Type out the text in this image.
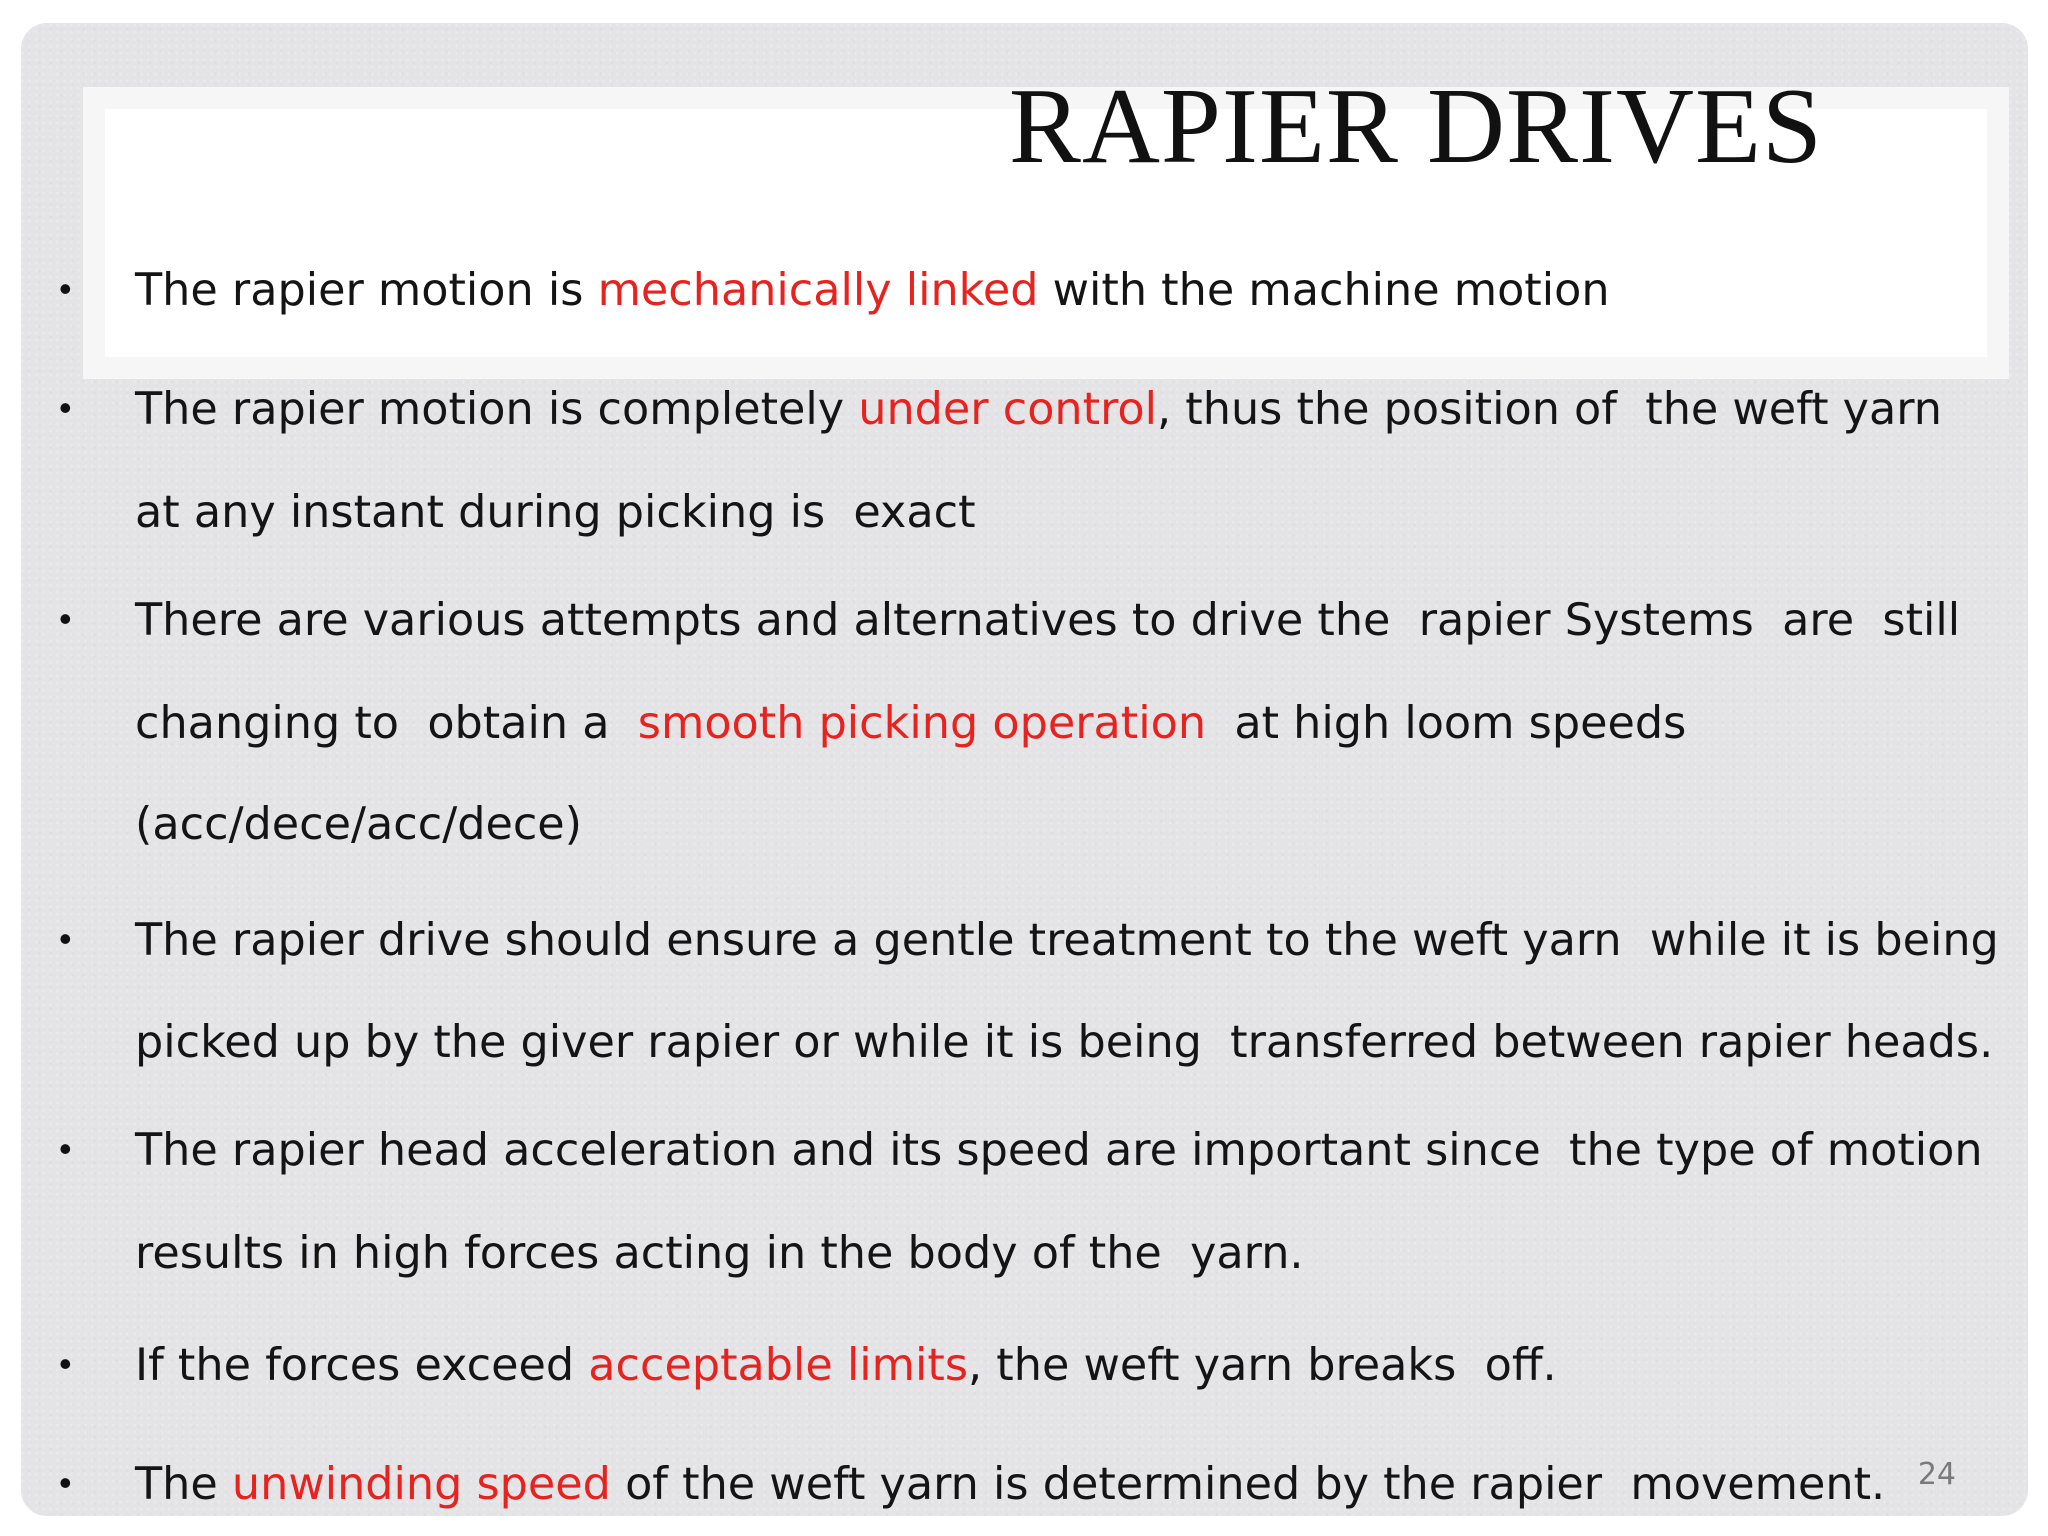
RAPIER DRIVES
• The rapier motion is mechanically linked with the machine motion

• The rapier motion is completely under control, thus the position of  the weft yarn

at any instant during picking is  exact

• There are various attempts and alternatives to drive the  rapier Systems  are  still

changing to  obtain a  smooth picking operation  at high loom speeds

(acc/dece/acc/dece)

• The rapier drive should ensure a gentle treatment to the weft yarn  while it is being

picked up by the giver rapier or while it is being  transferred between rapier heads.

• The rapier head acceleration and its speed are important since  the type of motion

results in high forces acting in the body of the  yarn.

• If the forces exceed acceptable limits, the weft yarn breaks  off.

• The unwinding speed of the weft yarn is determined by the rapier  movement. 24
